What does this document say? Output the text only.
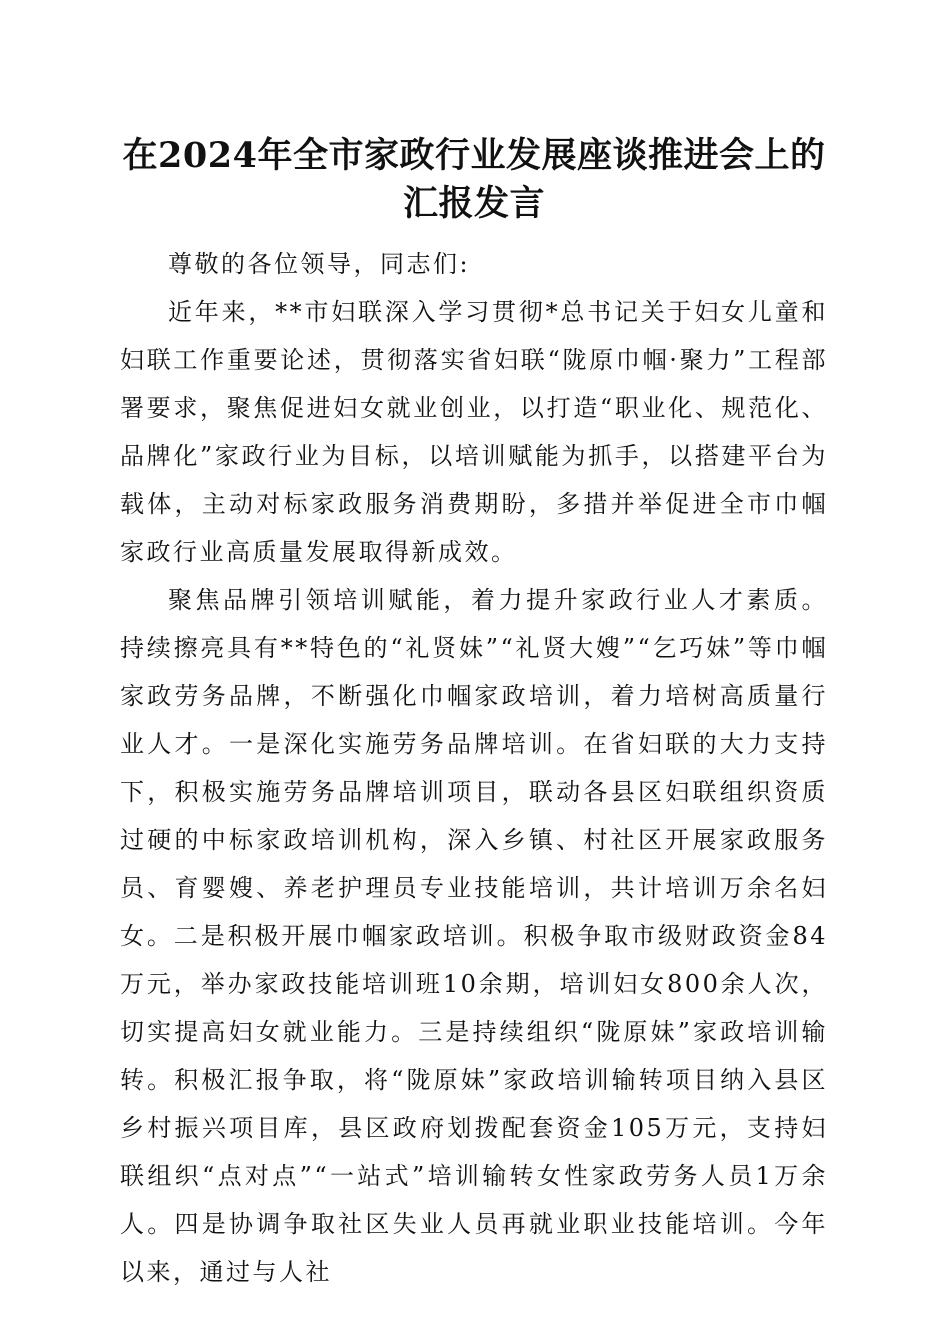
在2024年全市家政行业发展座谈推进会上的
汇报发言

尊敬的各位领导，同志们:

近年来，**市妇联深入学习贯彻*总书记关于妇女儿童和妇联工作重要论述，贯彻落实省妇联“陇原巾帼·聚力”工程部署要求，聚焦促进妇女就业创业，以打造“职业化、规范化、品牌化”家政行业为目标，以培训赋能为抓手，以搭建平台为载体，主动对标家政服务消费期盼，多措并举促进全市巾帼家政行业高质量发展取得新成效。

聚焦品牌引领培训赋能，着力提升家政行业人才素质。持续擦亮具有**特色的“礼贤妹”“礼贤大嫂”“乞巧妹”等巾帼家政劳务品牌，不断强化巾帼家政培训，着力培树高质量行业人才。一是深化实施劳务品牌培训。在省妇联的大力支持下，积极实施劳务品牌培训项目，联动各县区妇联组织资质过硬的中标家政培训机构，深入乡镇、村社区开展家政服务员、育婴嫂、养老护理员专业技能培训，共计培训万余名妇女。二是积极开展巾帼家政培训。积极争取市级财政资金84万元，举办家政技能培训班10余期，培训妇女800余人次，切实提高妇女就业能力。三是持续组织“陇原妹”家政培训输转。积极汇报争取，将“陇原妹”家政培训输转项目纳入县区乡村振兴项目库，县区政府划拨配套资金105万元，支持妇联组织“点对点”“一站式”培训输转女性家政劳务人员1万余人。四是协调争取社区失业人员再就业职业技能培训。今年以来，通过与人社
